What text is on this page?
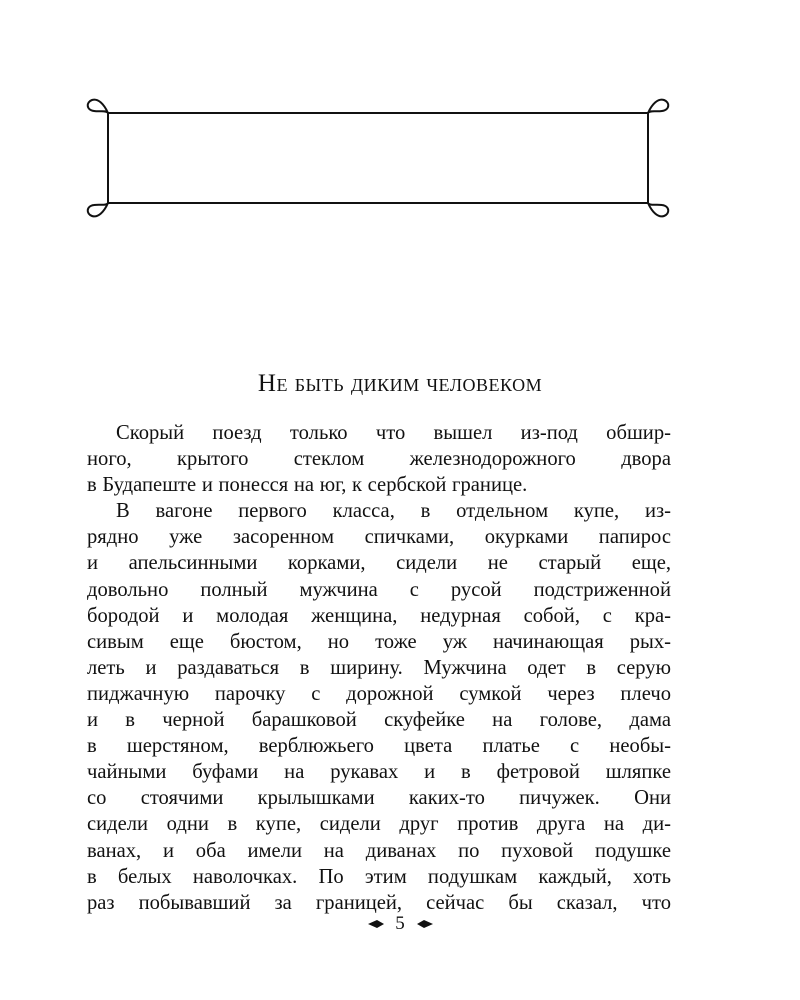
Не быть диким человеком
Скорый поезд только что вышел из-под обшир-
ного, крытого стеклом железнодорожного двора
в Будапеште и понесся на юг, к сербской границе.
В вагоне первого класса, в отдельном купе, из-
рядно уже засоренном спичками, окурками папирос
и апельсинными корками, сидели не старый еще,
довольно полный мужчина с русой подстриженной
бородой и молодая женщина, недурная собой, с кра-
сивым еще бюстом, но тоже уж начинающая рых-
леть и раздаваться в ширину. Мужчина одет в серую
пиджачную парочку с дорожной сумкой через плечо
и в черной барашковой скуфейке на голове, дама
в шерстяном, верблюжьего цвета платье с необы-
чайными буфами на рукавах и в фетровой шляпке
со стоячими крылышками каких-то пичужек. Они
сидели одни в купе, сидели друг против друга на ди-
ванах, и оба имели на диванах по пуховой подушке
в белых наволочках. По этим подушкам каждый, хоть
раз побывавший за границей, сейчас бы сказал, что
5
